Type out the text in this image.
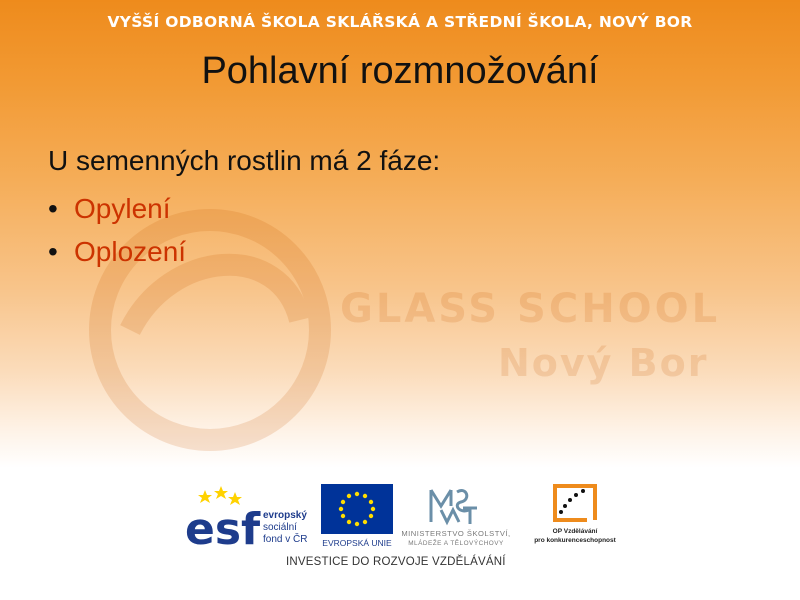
VYŠŠÍ ODBORNÁ ŠKOLA SKLÁŘSKÁ A STŘEDNÍ ŠKOLA, NOVÝ BOR
GLASS SCHOOL
Nový Bor
Pohlavní rozmnožování

U semenných rostlin má 2 fáze:

• Opylení
• Oplození
esf evropský
sociální
fond v ČR EVROPSKÁ UNIE
MINISTERSTVO ŠKOLSTVÍ,
MLÁDEŽE A TĚLOVÝCHOVY
OP Vzdělávání
pro konkurenceschopnost
INVESTICE DO ROZVOJE VZDĚLÁVÁNÍ
